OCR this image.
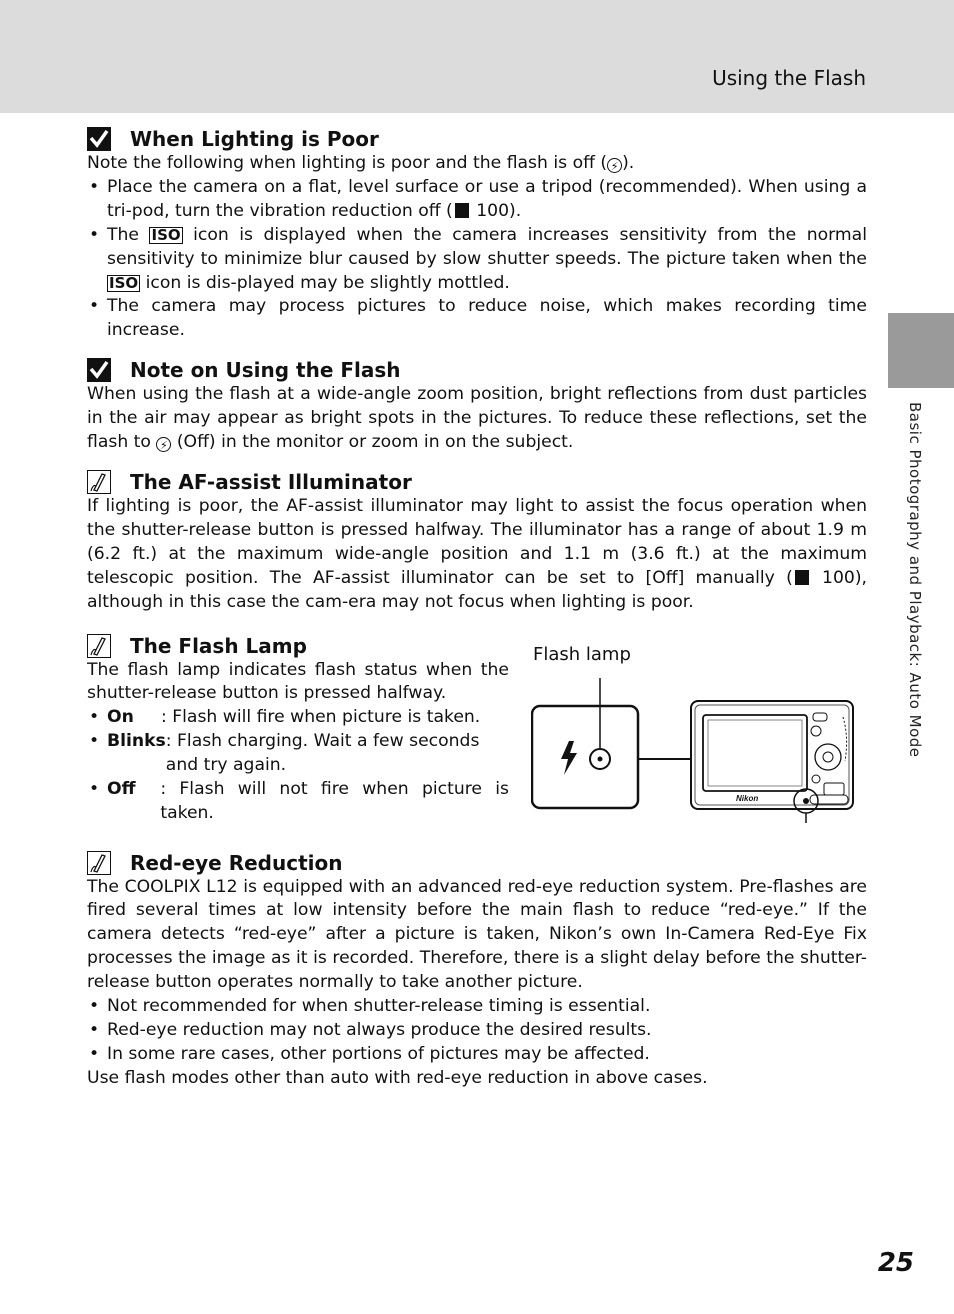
Using the Flash
Basic Photography and Playback: Auto Mode
When Lighting is Poor

Note the following when lighting is poor and the flash is off ( ⚡ ).

• Place the camera on a flat, level surface or use a tripod (recommended). When using a tri-pod, turn the vibration reduction off ( 100).
• The ISO icon is displayed when the camera increases sensitivity from the normal sensitivity to minimize blur caused by slow shutter speeds. The picture taken when the ISO icon is dis-played may be slightly mottled.
• The camera may process pictures to reduce noise, which makes recording time increase.
Note on Using the Flash

When using the flash at a wide-angle zoom position, bright reflections from dust particles in the air may appear as bright spots in the pictures. To reduce these reflections, set the flash to ⚡ (Off) in the monitor or zoom in on the subject.

The AF-assist Illuminator

If lighting is poor, the AF-assist illuminator may light to assist the focus operation when the shutter-release button is pressed halfway. The illuminator has a range of about 1.9 m (6.2 ft.) at the maximum wide-angle position and 1.1 m (3.6 ft.) at the maximum telescopic position. The AF-assist illuminator can be set to [Off] manually ( 100), although in this case the cam-era may not focus when lighting is poor.

The Flash Lamp

The flash lamp indicates flash status when the shutter-release button is pressed halfway.

• On	: Flash will fire when picture is taken.
• Blinks : Flash charging. Wait a few seconds and try again.
• Off	: Flash will not fire when picture is taken.
Flash lamp
Nikon
Red-eye Reduction

The COOLPIX L12 is equipped with an advanced red-eye reduction system. Pre-flashes are fired several times at low intensity before the main flash to reduce “red-eye.” If the camera detects “red-eye” after a picture is taken, Nikon’s own In-Camera Red-Eye Fix processes the image as it is recorded. Therefore, there is a slight delay before the shutter-release button operates normally to take another picture.

• Not recommended for when shutter-release timing is essential.
• Red-eye reduction may not always produce the desired results.
• In some rare cases, other portions of pictures may be affected.

Use flash modes other than auto with red-eye reduction in above cases.

25
